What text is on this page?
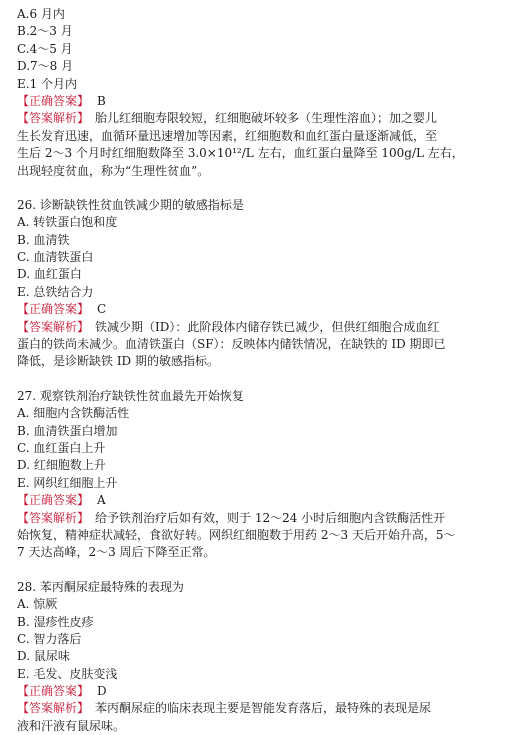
A.6 月内
B.2～3 月
C.4～5 月
D.7～8 月
E.1 个月内
【正确答案】 B
【答案解析】 胎儿红细胞寿限较短，红细胞破坏较多（生理性溶血）；加之婴儿
生长发育迅速，血循环量迅速增加等因素，红细胞数和血红蛋白量逐渐减低，至
生后 2～3 个月时红细胞数降至 3.0×10¹²/L 左右，血红蛋白量降至 100g/L 左右，
出现轻度贫血，称为“生理性贫血”。
26. 诊断缺铁性贫血铁减少期的敏感指标是
A. 转铁蛋白饱和度
B. 血清铁
C. 血清铁蛋白
D. 血红蛋白
E. 总铁结合力
【正确答案】 C
【答案解析】 铁减少期（ID）：此阶段体内储存铁已减少，但供红细胞合成血红
蛋白的铁尚未减少。血清铁蛋白（SF）：反映体内储铁情况，在缺铁的 ID 期即已
降低，是诊断缺铁 ID 期的敏感指标。
27. 观察铁剂治疗缺铁性贫血最先开始恢复
A. 细胞内含铁酶活性
B. 血清铁蛋白增加
C. 血红蛋白上升
D. 红细胞数上升
E. 网织红细胞上升
【正确答案】 A
【答案解析】 给予铁剂治疗后如有效，则于 12～24 小时后细胞内含铁酶活性开
始恢复，精神症状减轻，食欲好转。网织红细胞数于用药 2～3 天后开始升高，5～
7 天达高峰，2～3 周后下降至正常。
28. 苯丙酮尿症最特殊的表现为
A. 惊厥
B. 湿疹性皮疹
C. 智力落后
D. 鼠尿味
E. 毛发、皮肤变浅
【正确答案】 D
【答案解析】 苯丙酮尿症的临床表现主要是智能发育落后，最特殊的表现是尿
液和汗液有鼠尿味。
